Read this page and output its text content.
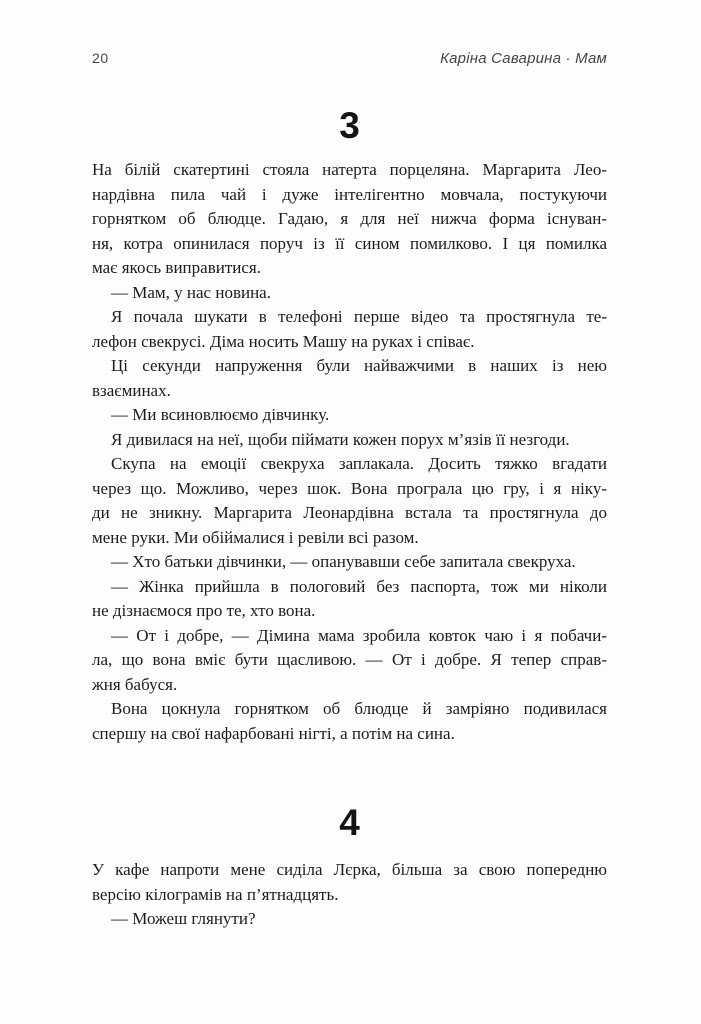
20	Каріна Саварина · Мам
3
На білій скатертині стояла натерта порцеляна. Маргарита Лео-
нардівна пила чай і дуже інтелігентно мовчала, постукуючи
горнятком об блюдце. Гадаю, я для неї нижча форма існуван-
ня, котра опинилася поруч із її сином помилково. І ця помилка
має якось виправитися.
— Мам, у нас новина.
Я почала шукати в телефоні перше відео та простягнула те-
лефон свекрусі. Діма носить Машу на руках і співає.
Ці секунди напруження були найважчими в наших із нею
взаєминах.
— Ми всиновлюємо дівчинку.
Я дивилася на неї, щоби піймати кожен порух м’язів її незгоди.
Скупа на емоції свекруха заплакала. Досить тяжко вгадати
через що. Можливо, через шок. Вона програла цю гру, і я ніку-
ди не зникну. Маргарита Леонардівна встала та простягнула до
мене руки. Ми обіймалися і ревіли всі разом.
— Хто батьки дівчинки, — опанувавши себе запитала свекруха.
— Жінка прийшла в пологовий без паспорта, тож ми ніколи
не дізнаємося про те, хто вона.
— От і добре, — Дімина мама зробила ковток чаю і я побачи-
ла, що вона вміє бути щасливою. — От і добре. Я тепер справ-
жня бабуся.
Вона цокнула горнятком об блюдце й замріяно подивилася
спершу на свої нафарбовані нігті, а потім на сина.
4
У кафе напроти мене сиділа Лєрка, більша за свою попередню
версію кілограмів на п’ятнадцять.
— Можеш глянути?
